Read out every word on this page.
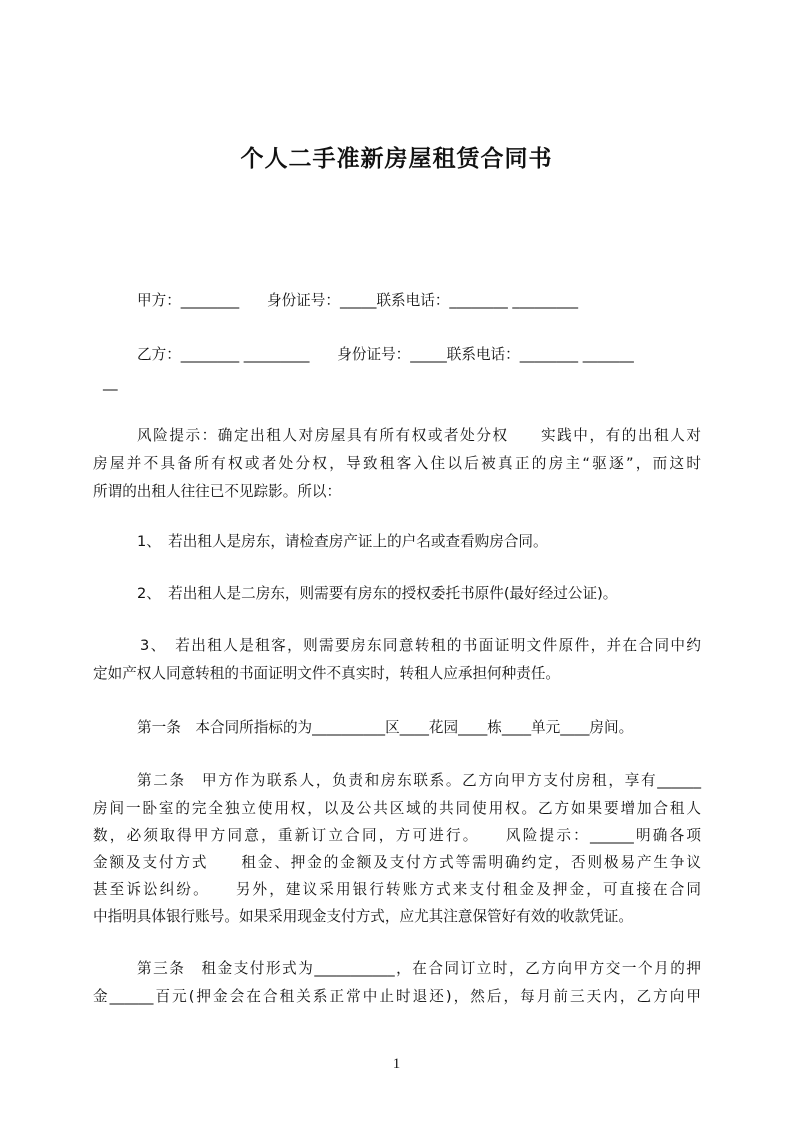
个人二手准新房屋租赁合同书
甲方：________      身份证号：_____联系电话：________ _________
乙方：________ _________      身份证号：_____联系电话：________ _______
__
风险提示：确定出租人对房屋具有所有权或者处分权　　实践中，有的出租人对
房屋并不具备所有权或者处分权，导致租客入住以后被真正的房主“驱逐”，而这时
所谓的出租人往往已不见踪影。所以：
1、　若出租人是房东，请检查房产证上的户名或查看购房合同。
2、　若出租人是二房东，则需要有房东的授权委托书原件(最好经过公证)。
3、　若出租人是租客，则需要房东同意转租的书面证明文件原件，并在合同中约
定如产权人同意转租的书面证明文件不真实时，转租人应承担何种责任。
第一条　本合同所指标的为__________区____花园____栋____单元____房间。
第二条　甲方作为联系人，负责和房东联系。乙方向甲方支付房租，享有______
房间一卧室的完全独立使用权，以及公共区域的共同使用权。乙方如果要增加合租人
数，必须取得甲方同意，重新订立合同，方可进行。　　风险提示：______明确各项
金额及支付方式　　租金、押金的金额及支付方式等需明确约定，否则极易产生争议
甚至诉讼纠纷。　　另外，建议采用银行转账方式来支付租金及押金，可直接在合同
中指明具体银行账号。如果采用现金支付方式，应尤其注意保管好有效的收款凭证。
第三条　租金支付形式为___________，在合同订立时，乙方向甲方交一个月的押
金______百元(押金会在合租关系正常中止时退还)，然后，每月前三天内，乙方向甲
1
